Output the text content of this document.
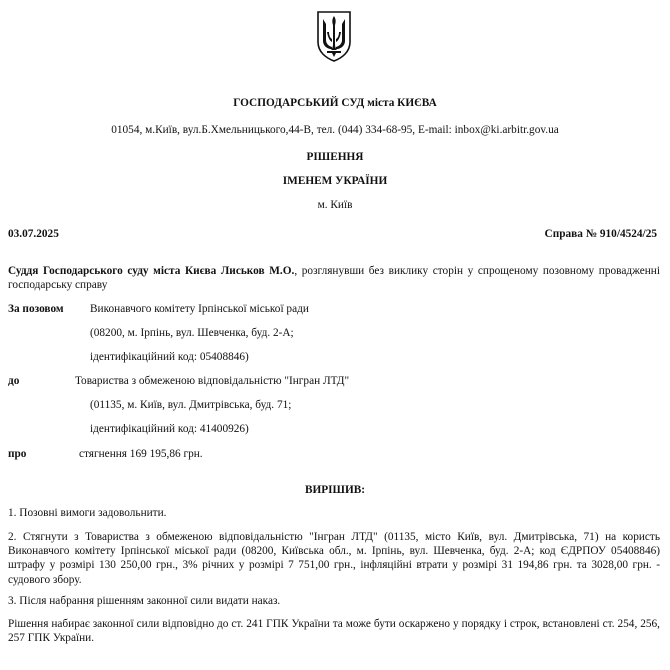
ГОСПОДАРСЬКИЙ СУД міста КИЄВА
01054, м.Київ, вул.Б.Хмельницького,44-В, тел. (044) 334-68-95, E-mail: inbox@ki.arbitr.gov.ua
РІШЕННЯ
ІМЕНЕМ УКРАЇНИ
м. Київ
03.07.2025	Справа № 910/4524/25
Суддя Господарського суду міста Києва Лиськов М.О., розглянувши без виклику сторін у спрощеному позовному провадженні господарську справу
За позовом Виконавчого комітету Ірпінської міської ради
(08200, м. Ірпінь, вул. Шевченка, буд. 2-А;
ідентифікаційний код: 05408846)
до	Товариства з обмеженою відповідальністю "Інгран ЛТД"
(01135, м. Київ, вул. Дмитрівська, буд. 71;
ідентифікаційний код: 41400926)
про	стягнення 169 195,86 грн.
ВИРІШИВ:
1. Позовні вимоги задовольнити.
2. Стягнути з Товариства з обмеженою відповідальністю "Інгран ЛТД" (01135, місто Київ, вул. Дмитрівська, 71) на користь Виконавчого комітету Ірпінської міської ради (08200, Київська обл., м. Ірпінь, вул. Шевченка, буд. 2-А; код ЄДРПОУ 05408846) штрафу у розмірі 130 250,00 грн., 3% річних у розмірі 7 751,00 грн., інфляційні втрати у розмірі 31 194,86 грн. та 3028,00 грн. - судового збору.
3. Після набрання рішенням законної сили видати наказ.
Рішення набирає законної сили відповідно до ст. 241 ГПК України та може бути оскаржено у порядку і строк, встановлені ст. 254, 256, 257 ГПК України.
